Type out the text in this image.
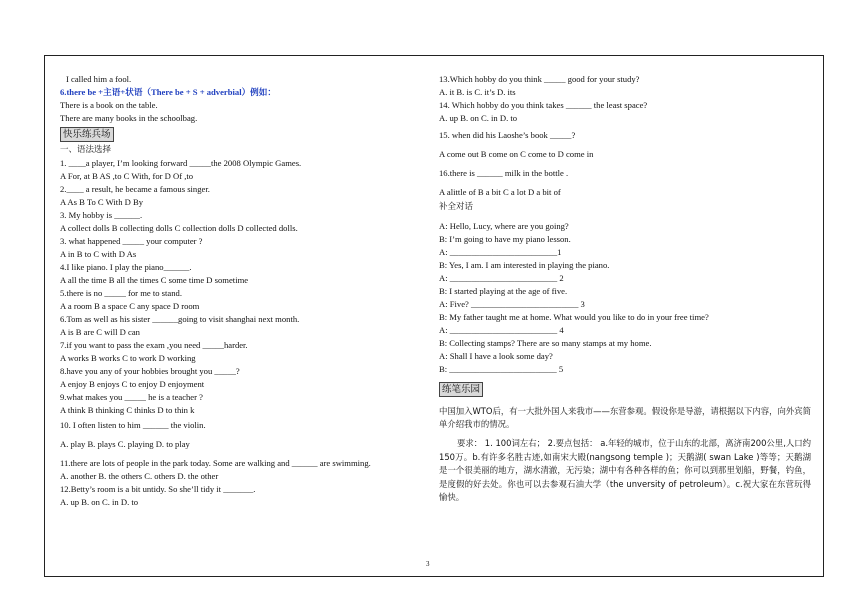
I called him a fool.
6.there be +主语+状语（There be + S + adverbial）例如：
There is a book on the table.
There are many books in the schoolbag.
快乐练兵场
一、语法选择
1. ____a player, I’m looking forward _____the 2008 Olympic Games.
A For, at B AS ,to C With, for D Of ,to
2.____ a result, he became a famous singer.
A As B To C With D By
3. My hobby is ______.
A collect dolls B collecting dolls C collection dolls D collected dolls.
3. what happened _____ your computer ?
A in B to C with D As
4.I like piano. I play the piano______.
A all the time B all the times C some time D sometime
5.there is no _____ for me to stand.
A a room B a space C any space D room
6.Tom as well as his sister ______going to visit shanghai next month.
A is B are C will D can
7.if you want to pass the exam ,you need _____harder.
A works B works C to work D working
8.have you any of your hobbies brought you _____?
A enjoy B enjoys C to enjoy D enjoyment
9.what makes you _____ he is a teacher ?
A think B thinking C thinks D to thin k
10. I often listen to him ______ the violin.
A. play B. plays C. playing D. to play
11.there are lots of people in the park today. Some are walking and ______ are swimming.
A. another B. the others C. others D. the other
12.Betty’s room is a bit untidy. So she’ll tidy it _______.
A. up B. on C. in D. to
13.Which hobby do you think _____ good for your study?
A. it B. is C. it’s D. its
14. Which hobby do you think takes ______ the least space?
A. up B. on C. in D. to
15. when did his Laoshe’s book _____?
A come out B come on C come to D come in
16.there is ______ milk in the bottle .
A alittle of B a bit C a lot D a bit of
补全对话
A: Hello, Lucy, where are you going?
B: I’m going to have my piano lesson.
A: _________________________1
B: Yes, I am. I am interested in playing the piano.
A: _________________________ 2
B: I started playing at the age of five.
A: Five? _________________________ 3
B: My father taught me at home. What would you like to do in your free time?
A: _________________________ 4
B: Collecting stamps? There are so many stamps at my home.
A: Shall I have a look some day?
B: _________________________ 5
练笔乐园
中国加入WTO后，有一大批外国人来我市——东营参观。假设你是导游，请根据以下内容，向外宾简单介绍我市的情况。
要求： 1. 100词左右； 2.要点包括： a.年轻的城市，位于山东的北部，离济南200公里,人口约150万。b.有许多名胜古迹,如南宋大殿(nangsong temple )；天鹅湖( swan Lake )等等；天鹅湖是一个很美丽的地方，湖水清澈，无污染；湖中有各种各样的鱼；你可以到那里划船，野餐，钓鱼，是度假的好去处。你也可以去参观石油大学（the unversity of petroleum）。c.祝大家在东营玩得愉快。
3
